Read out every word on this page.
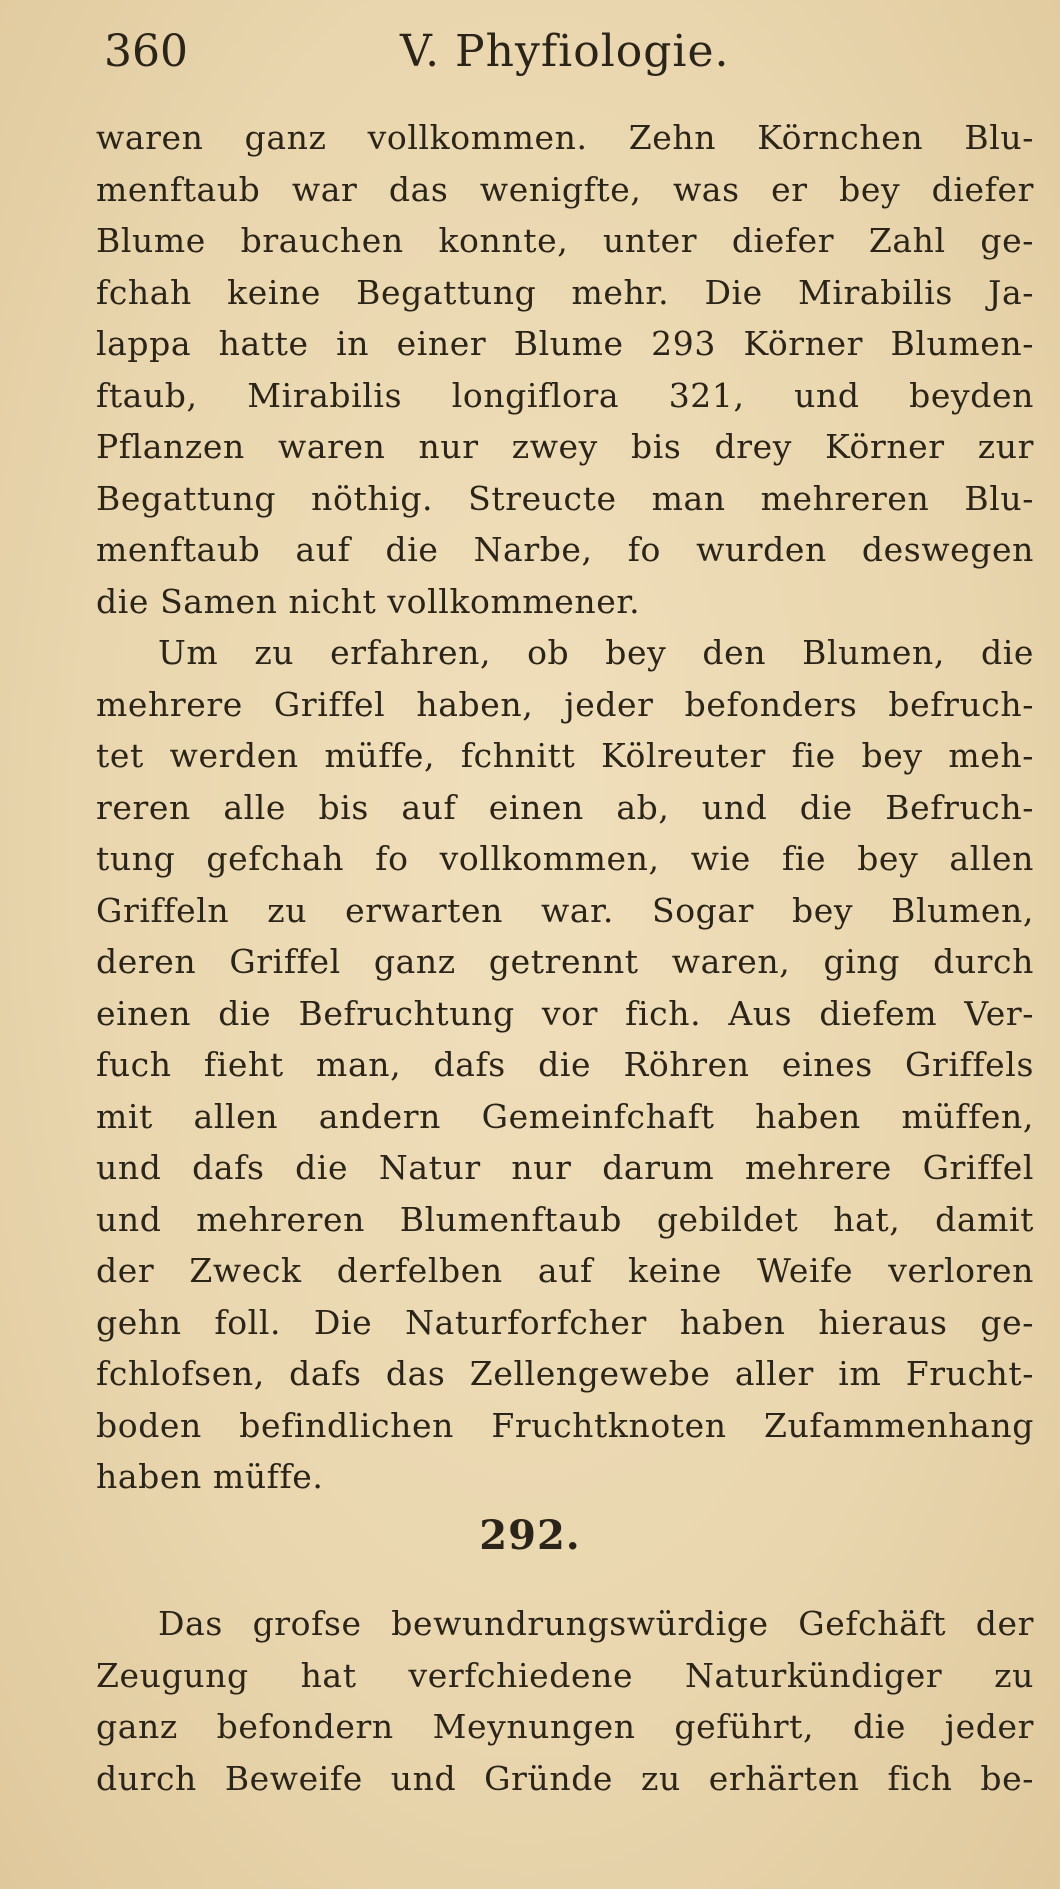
360	V. Phyfiologie.
waren ganz vollkommen. Zehn Körnchen Blu-
menftaub war das wenigfte, was er bey diefer
Blume brauchen konnte, unter diefer Zahl ge-
fchah keine Begattung mehr. Die Mirabilis Ja-
lappa hatte in einer Blume 293 Körner Blumen-
ftaub, Mirabilis longiflora 321, und beyden
Pflanzen waren nur zwey bis drey Körner zur
Begattung nöthig. Streucte man mehreren Blu-
menftaub auf die Narbe, fo wurden deswegen
die Samen nicht vollkommener.
Um zu erfahren, ob bey den Blumen, die
mehrere Griffel haben, jeder befonders befruch-
tet werden müffe, fchnitt Kölreuter fie bey meh-
reren alle bis auf einen ab, und die Befruch-
tung gefchah fo vollkommen, wie fie bey allen
Griffeln zu erwarten war. Sogar bey Blumen,
deren Griffel ganz getrennt waren, ging durch
einen die Befruchtung vor fich. Aus diefem Ver-
fuch fieht man, dafs die Röhren eines Griffels
mit allen andern Gemeinfchaft haben müffen,
und dafs die Natur nur darum mehrere Griffel
und mehreren Blumenftaub gebildet hat, damit
der Zweck derfelben auf keine Weife verloren
gehn foll. Die Naturforfcher haben hieraus ge-
fchlofsen, dafs das Zellengewebe aller im Frucht-
boden befindlichen Fruchtknoten Zufammenhang
haben müffe.
292.
Das grofse bewundrungswürdige Gefchäft der
Zeugung hat verfchiedene Naturkündiger zu
ganz befondern Meynungen geführt, die jeder
durch Beweife und Gründe zu erhärten fich be-
